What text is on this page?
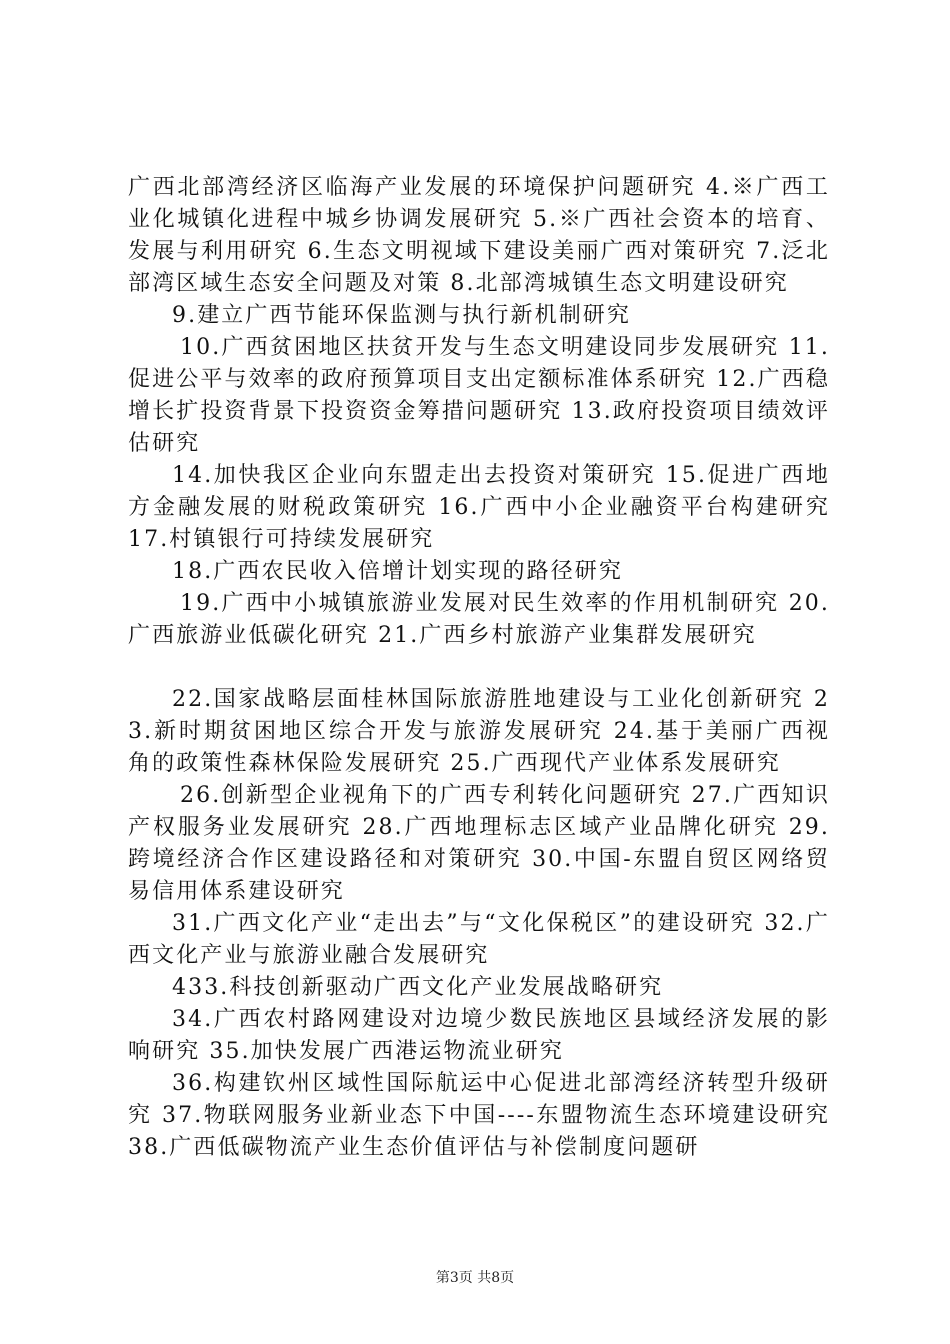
广西北部湾经济区临海产业发展的环境保护问题研究 4.※广西工业化城镇化进程中城乡协调发展研究 5.※广西社会资本的培育、发展与利用研究 6.生态文明视域下建设美丽广西对策研究 7.泛北部湾区域生态安全问题及对策 8.北部湾城镇生态文明建设研究

9.建立广西节能环保监测与执行新机制研究

10.广西贫困地区扶贫开发与生态文明建设同步发展研究 11.促进公平与效率的政府预算项目支出定额标准体系研究 12.广西稳增长扩投资背景下投资资金筹措问题研究 13.政府投资项目绩效评估研究

14.加快我区企业向东盟走出去投资对策研究 15.促进广西地方金融发展的财税政策研究 16.广西中小企业融资平台构建研究 17.村镇银行可持续发展研究

18.广西农民收入倍增计划实现的路径研究

19.广西中小城镇旅游业发展对民生效率的作用机制研究 20.广西旅游业低碳化研究 21.广西乡村旅游产业集群发展研究

22.国家战略层面桂林国际旅游胜地建设与工业化创新研究 23.新时期贫困地区综合开发与旅游发展研究 24.基于美丽广西视角的政策性森林保险发展研究 25.广西现代产业体系发展研究

26.创新型企业视角下的广西专利转化问题研究 27.广西知识产权服务业发展研究 28.广西地理标志区域产业品牌化研究 29.跨境经济合作区建设路径和对策研究 30.中国-东盟自贸区网络贸易信用体系建设研究

31.广西文化产业“走出去”与“文化保税区”的建设研究 32.广西文化产业与旅游业融合发展研究

433.科技创新驱动广西文化产业发展战略研究

34.广西农村路网建设对边境少数民族地区县域经济发展的影响研究 35.加快发展广西港运物流业研究

36.构建钦州区域性国际航运中心促进北部湾经济转型升级研究 37.物联网服务业新业态下中国----东盟物流生态环境建设研究 38.广西低碳物流产业生态价值评估与补偿制度问题研

第3页 共8页
